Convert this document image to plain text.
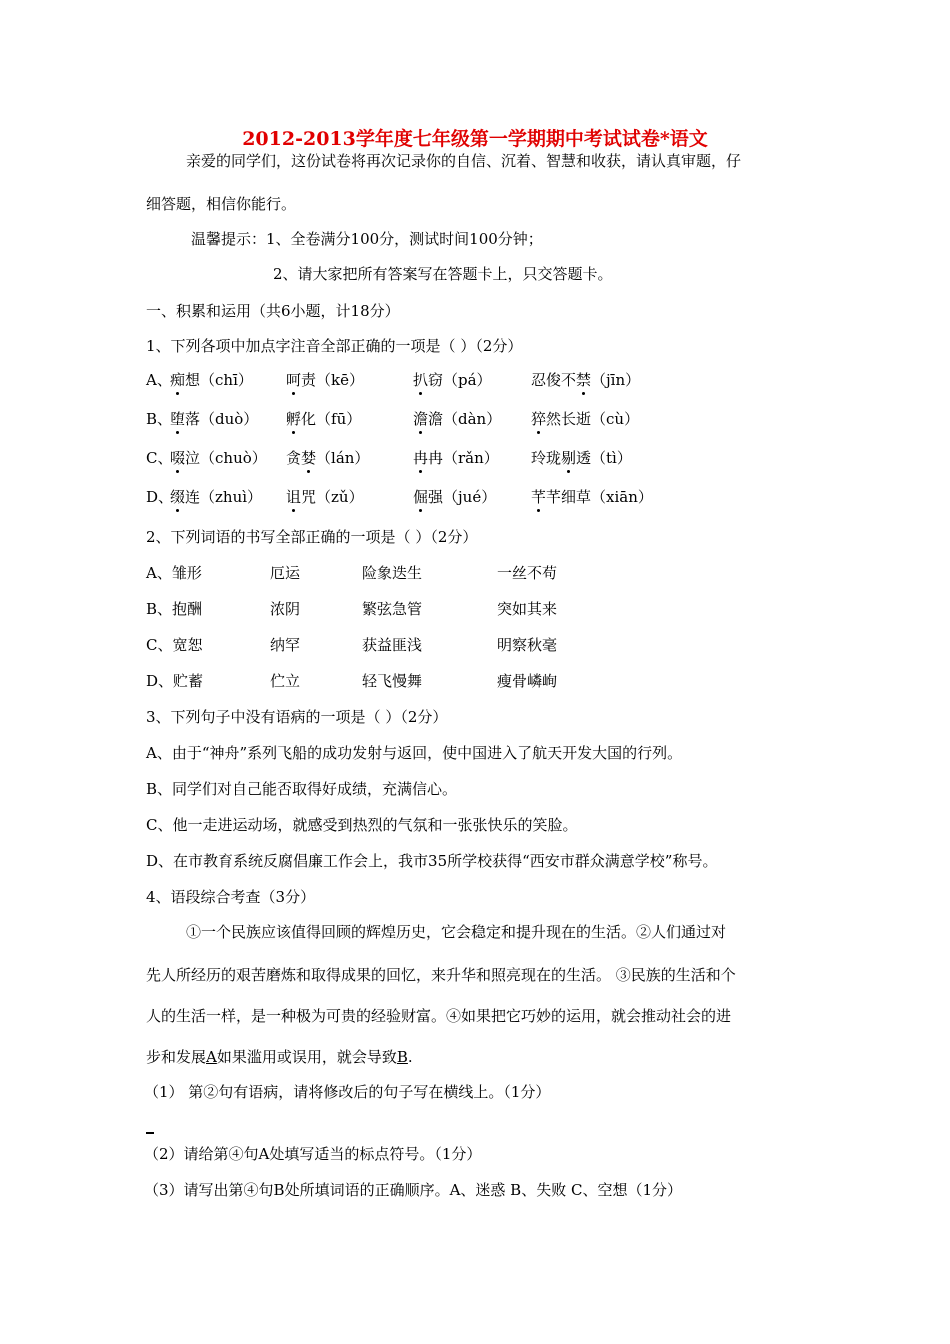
2012-2013学年度七年级第一学期期中考试试卷*语文
亲爱的同学们，这份试卷将再次记录你的自信、沉着、智慧和收获，请认真审题，仔
细答题，相信你能行。
温馨提示：1、全卷满分100分，测试时间100分钟；
2、请大家把所有答案写在答题卡上，只交答题卡。
一、积累和运用（共6小题，计18分）
1、下列各项中加点字注音全部正确的一项是（ ）（2分）
A、
痴想（chī） 呵责（kē）	扒窃（pá）	忍俊不禁（jīn）
B、
堕落（duò） 孵化（fū）	澹澹（dàn） 猝然长逝（cù）
C、
啜泣（chuò） 贪婪（lán）	冉冉（rǎn） 玲珑剔透（tì）
D、
缀连（zhuì） 诅咒（zǔ）	倔强（jué） 芊芊细草（xiān）
2、下列词语的书写全部正确的一项是（ ）（2分）
A、雏形	厄运	险象迭生	一丝不苟
B、抱酬	浓阴	繁弦急管	突如其来
C、宽恕	纳罕	获益匪浅	明察秋毫
D、贮蓄	伫立	轻飞慢舞	瘦骨嶙峋
3、下列句子中没有语病的一项是（ ）（2分）
A、由于“神舟”系列飞船的成功发射与返回，使中国进入了航天开发大国的行列。
B、同学们对自己能否取得好成绩，充满信心。
C、他一走进运动场，就感受到热烈的气氛和一张张快乐的笑脸。
D、在市教育系统反腐倡廉工作会上，我市35所学校获得“西安市群众满意学校”称号。
4、语段综合考查（3分）
①一个民族应该值得回顾的辉煌历史，它会稳定和提升现在的生活。②人们通过对
先人所经历的艰苦磨炼和取得成果的回忆，来升华和照亮现在的生活。 ③民族的生活和个
人的生活一样，是一种极为可贵的经验财富。④如果把它巧妙的运用，就会推动社会的进
步和发展A如果滥用或误用，就会导致B.
（1） 第②句有语病，请将修改后的句子写在横线上。（1分）
（2）请给第④句A处填写适当的标点符号。（1分）
（3）请写出第④句B处所填词语的正确顺序。A、迷惑 B、失败 C、空想（1分）
